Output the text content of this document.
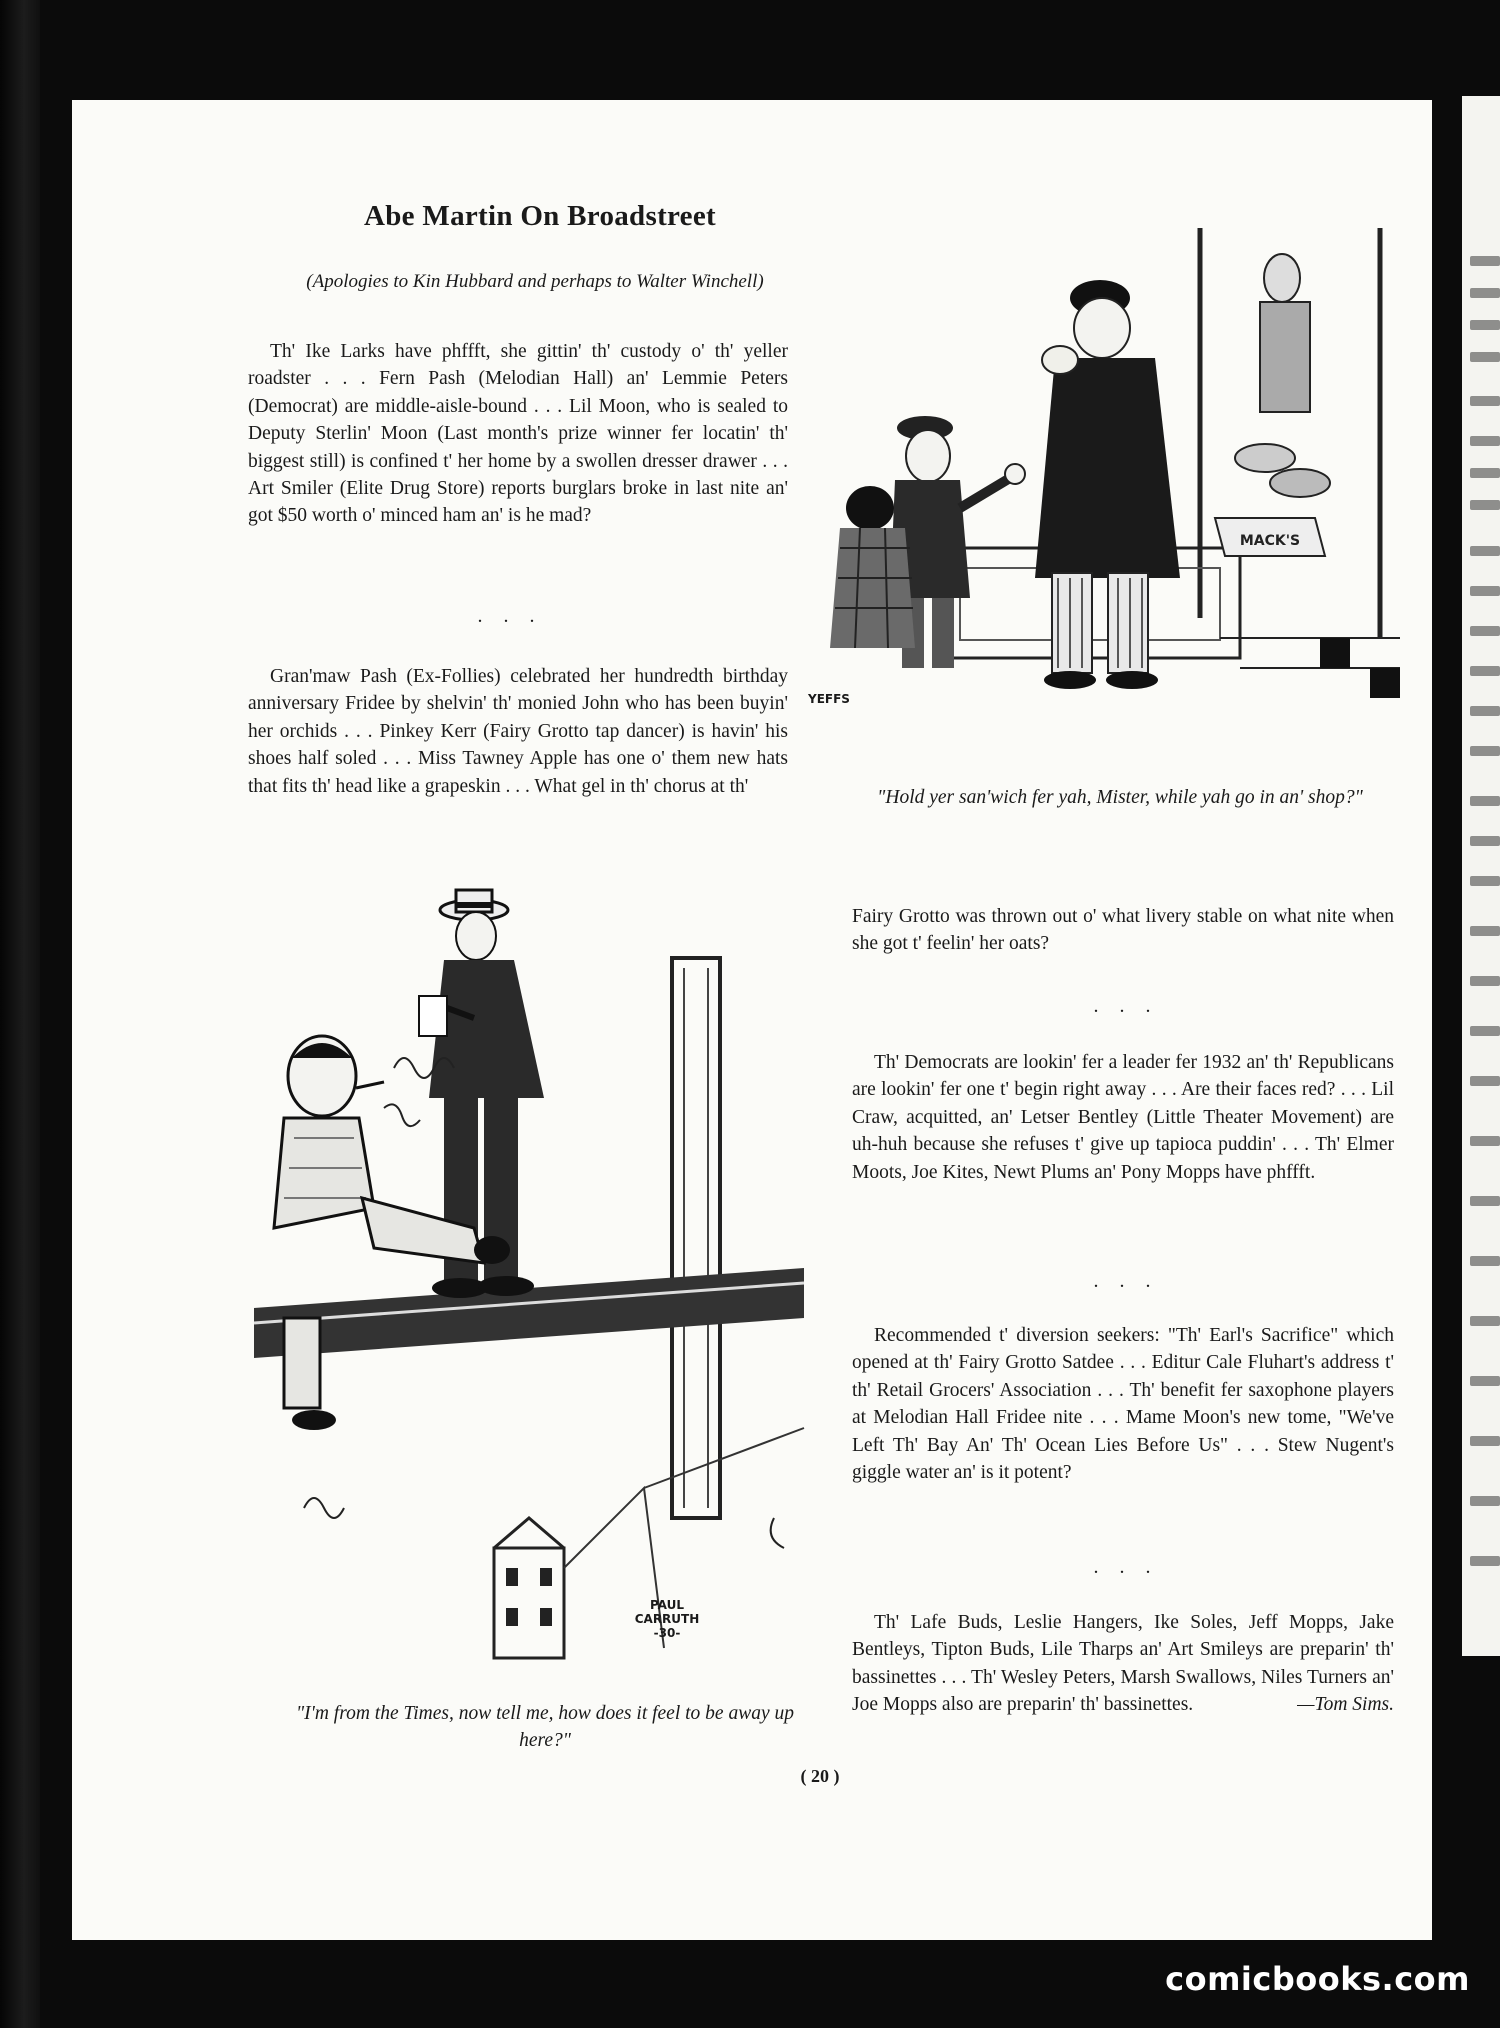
Abe Martin On Broadstreet
(Apologies to Kin Hubbard and perhaps to Walter Winchell)
Th' Ike Larks have phffft, she gittin' th' custody o' th' yeller roadster . . . Fern Pash (Melodian Hall) an' Lemmie Peters (Democrat) are middle-aisle-bound . . . Lil Moon, who is sealed to Deputy Sterlin' Moon (Last month's prize winner fer locatin' th' biggest still) is confined t' her home by a swollen dresser drawer . . . Art Smiler (Elite Drug Store) reports burglars broke in last nite an' got $50 worth o' minced ham an' is he mad?
. . .
Gran'maw Pash (Ex-Follies) celebrated her hundredth birthday anniversary Fridee by shelvin' th' monied John who has been buyin' her orchids . . . Pinkey Kerr (Fairy Grotto tap dancer) is havin' his shoes half soled . . . Miss Tawney Apple has one o' them new hats that fits th' head like a grapeskin . . . What gel in th' chorus at th'
MACK'S
YEFFS
"Hold yer san'wich fer yah, Mister, while yah go in an' shop?"
PAUL CARRUTH -30-
"I'm from the Times, now tell me, how does it feel to be away up here?"
Fairy Grotto was thrown out o' what livery stable on what nite when she got t' feelin' her oats?
. . .
Th' Democrats are lookin' fer a leader fer 1932 an' th' Republicans are lookin' fer one t' begin right away . . . Are their faces red? . . . Lil Craw, acquitted, an' Letser Bentley (Little Theater Movement) are uh-huh because she refuses t' give up tapioca puddin' . . . Th' Elmer Moots, Joe Kites, Newt Plums an' Pony Mopps have phffft.
. . .
Recommended t' diversion seekers: "Th' Earl's Sacrifice" which opened at th' Fairy Grotto Satdee . . . Editur Cale Fluhart's address t' th' Retail Grocers' Association . . . Th' benefit fer saxophone players at Melodian Hall Fridee nite . . . Mame Moon's new tome, "We've Left Th' Bay An' Th' Ocean Lies Before Us" . . . Stew Nugent's giggle water an' is it potent?
. . .
Th' Lafe Buds, Leslie Hangers, Ike Soles, Jeff Mopps, Jake Bentleys, Tipton Buds, Lile Tharps an' Art Smileys are preparin' th' bassinettes . . . Th' Wesley Peters, Marsh Swallows, Niles Turners an' Joe Mopps also are preparin' th' bassinettes.	—Tom Sims.
( 20 )
comicbooks.com
